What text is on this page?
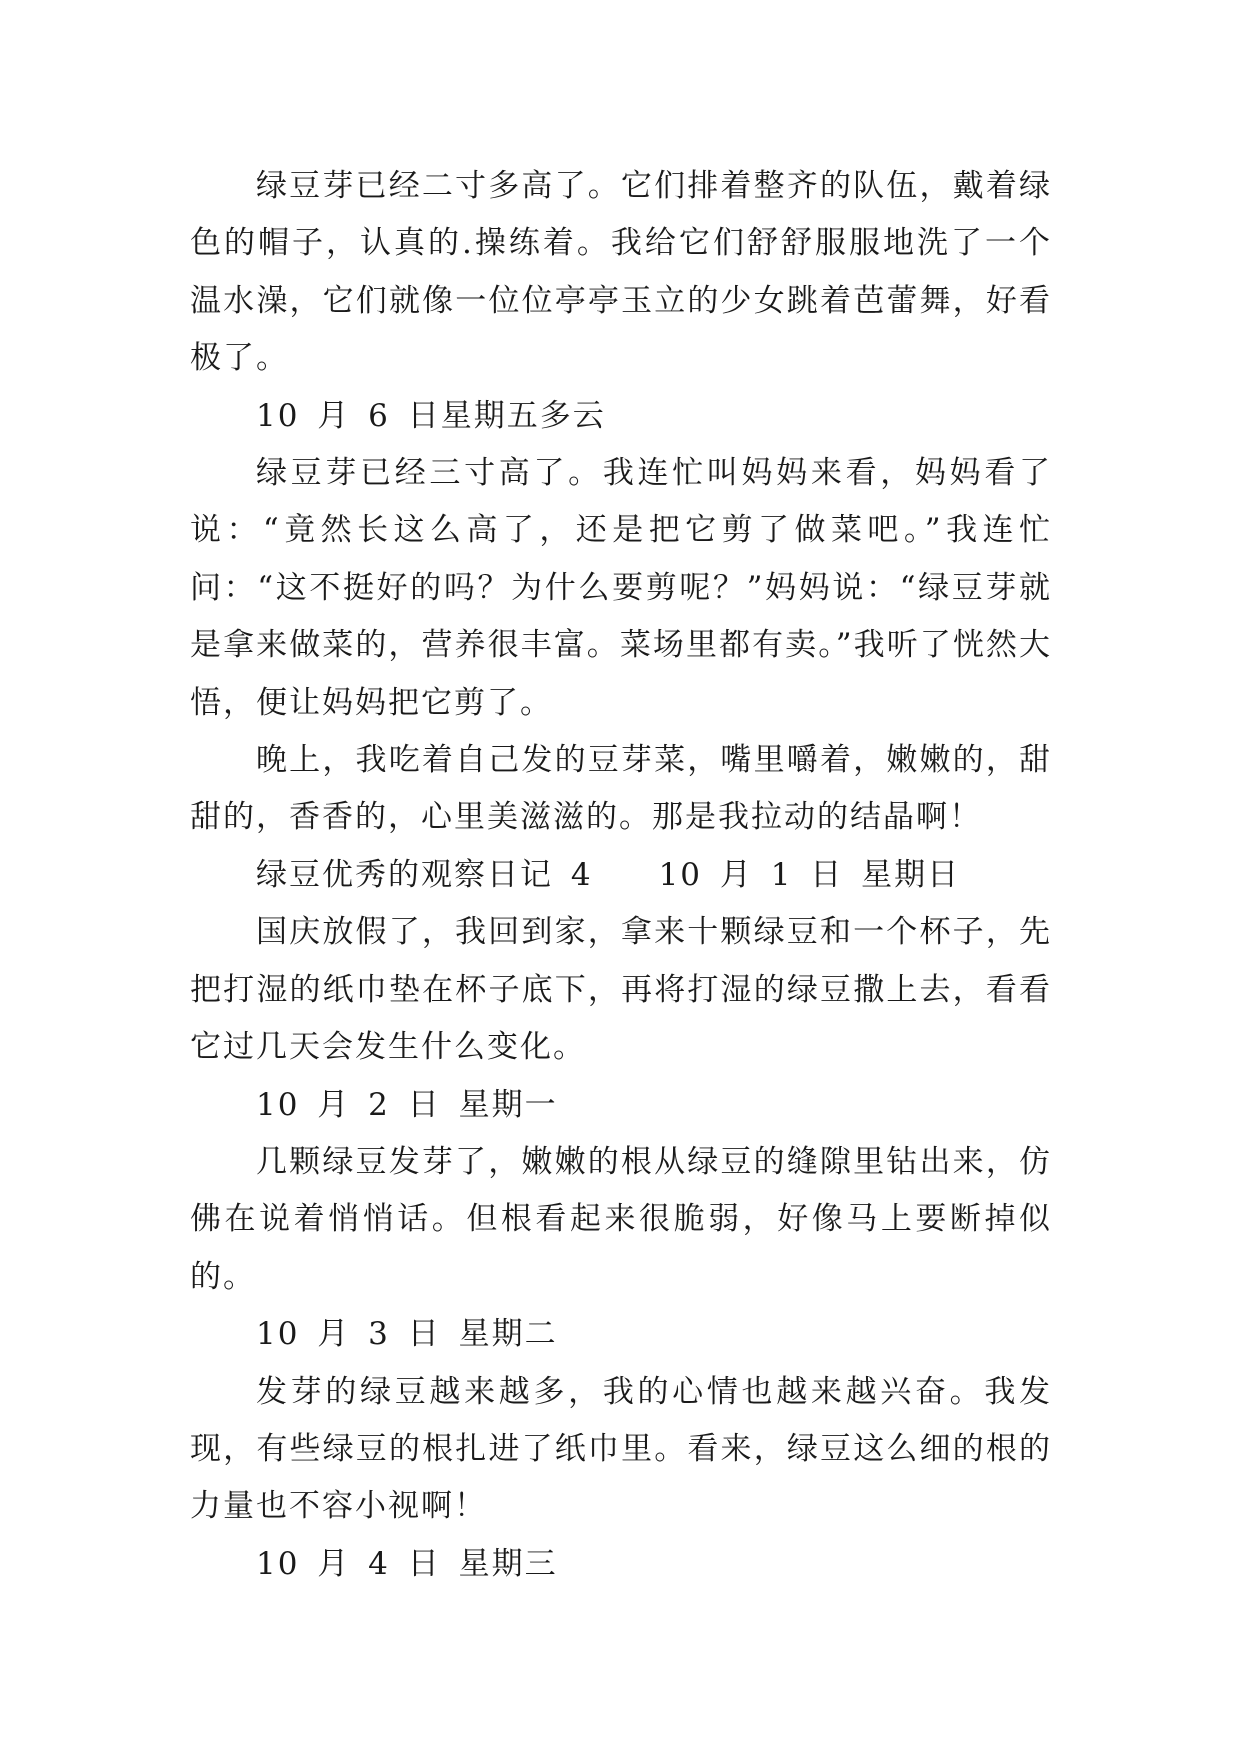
绿豆芽已经二寸多高了。它们排着整齐的队伍，戴着绿色的帽子，认真的.操练着。我给它们舒舒服服地洗了一个温水澡，它们就像一位位亭亭玉立的少女跳着芭蕾舞，好看极了。

10 月 6 日星期五多云

绿豆芽已经三寸高了。我连忙叫妈妈来看，妈妈看了说：“竟然长这么高了，还是把它剪了做菜吧。”我连忙问：“这不挺好的吗？为什么要剪呢？”妈妈说：“绿豆芽就是拿来做菜的，营养很丰富。菜场里都有卖。”我听了恍然大悟，便让妈妈把它剪了。

晚上，我吃着自己发的豆芽菜，嘴里嚼着，嫩嫩的，甜甜的，香香的，心里美滋滋的。那是我拉动的结晶啊！

绿豆优秀的观察日记 4　　10 月 1 日 星期日

国庆放假了，我回到家，拿来十颗绿豆和一个杯子，先把打湿的纸巾垫在杯子底下，再将打湿的绿豆撒上去，看看它过几天会发生什么变化。

10 月 2 日 星期一

几颗绿豆发芽了，嫩嫩的根从绿豆的缝隙里钻出来，仿佛在说着悄悄话。但根看起来很脆弱，好像马上要断掉似的。

10 月 3 日 星期二

发芽的绿豆越来越多，我的心情也越来越兴奋。我发现，有些绿豆的根扎进了纸巾里。看来，绿豆这么细的根的力量也不容小视啊！

10 月 4 日 星期三
